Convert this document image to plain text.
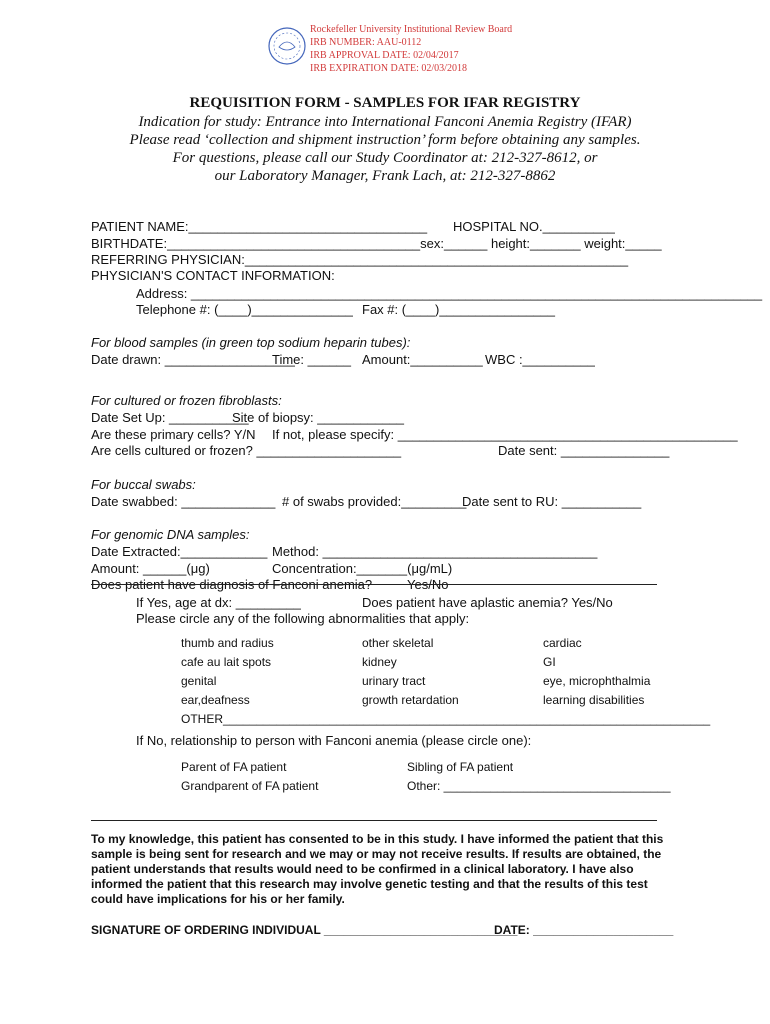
Rockefeller University Institutional Review Board
IRB NUMBER: AAU-0112
IRB APPROVAL DATE: 02/04/2017
IRB EXPIRATION DATE: 02/03/2018
REQUISITION FORM - SAMPLES FOR IFAR REGISTRY
Indication for study: Entrance into International Fanconi Anemia Registry (IFAR)
Please read ‘collection and shipment instruction’ form before obtaining any samples.
For questions, please call our Study Coordinator at: 212-327-8612, or
our Laboratory Manager, Frank Lach, at: 212-327-8862
PATIENT NAME:_________________________________ HOSPITAL NO.__________
BIRTHDATE:___________________________________sex:______ height:_______ weight:_____
REFERRING PHYSICIAN:_____________________________________________________
PHYSICIAN'S CONTACT INFORMATION:
Address: _______________________________________________________________________________
Telephone #: (____)______________ Fax #: (____)________________
For blood samples (in green top sodium heparin tubes):
Date drawn: __________________
Time: ______ Amount:__________ WBC :__________
For cultured or frozen fibroblasts:
Date Set Up: ___________
Site of biopsy: ____________
Are these primary cells? Y/N If not, please specify: _______________________________________________
Are cells cultured or frozen? ____________________	Date sent: _______________
For buccal swabs:
Date swabbed: _____________ # of swabs provided:_________
Date sent to RU: ___________
For genomic DNA samples:
Date Extracted:____________ Method: ______________________________________
Amount: ______(μg)	Concentration:_______(μg/mL)
Does patient have diagnosis of Fanconi anemia?	Yes/No
If Yes, age at dx: _________	Does patient have aplastic anemia? Yes/No
Please circle any of the following abnormalities that apply:
thumb and radius	other skeletal	cardiac
cafe au lait spots	kidney	GI
genital	urinary tract	eye, microphthalmia
ear,deafness	growth retardation	learning disabilities
OTHER_________________________________________________________________________
If No, relationship to person with Fanconi anemia (please circle one):
Parent of FA patient	Sibling of FA patient
Grandparent of FA patient	Other: __________________________________
To my knowledge, this patient has consented to be in this study. I have informed the patient that this
sample is being sent for research and we may or may not receive results. If results are obtained, the
patient understands that results would need to be confirmed in a clinical laboratory. I have also
informed the patient that this research may involve genetic testing and that the results of this test
could have implications for his or her family.
SIGNATURE OF ORDERING INDIVIDUAL _____________________________
DATE: _____________________
